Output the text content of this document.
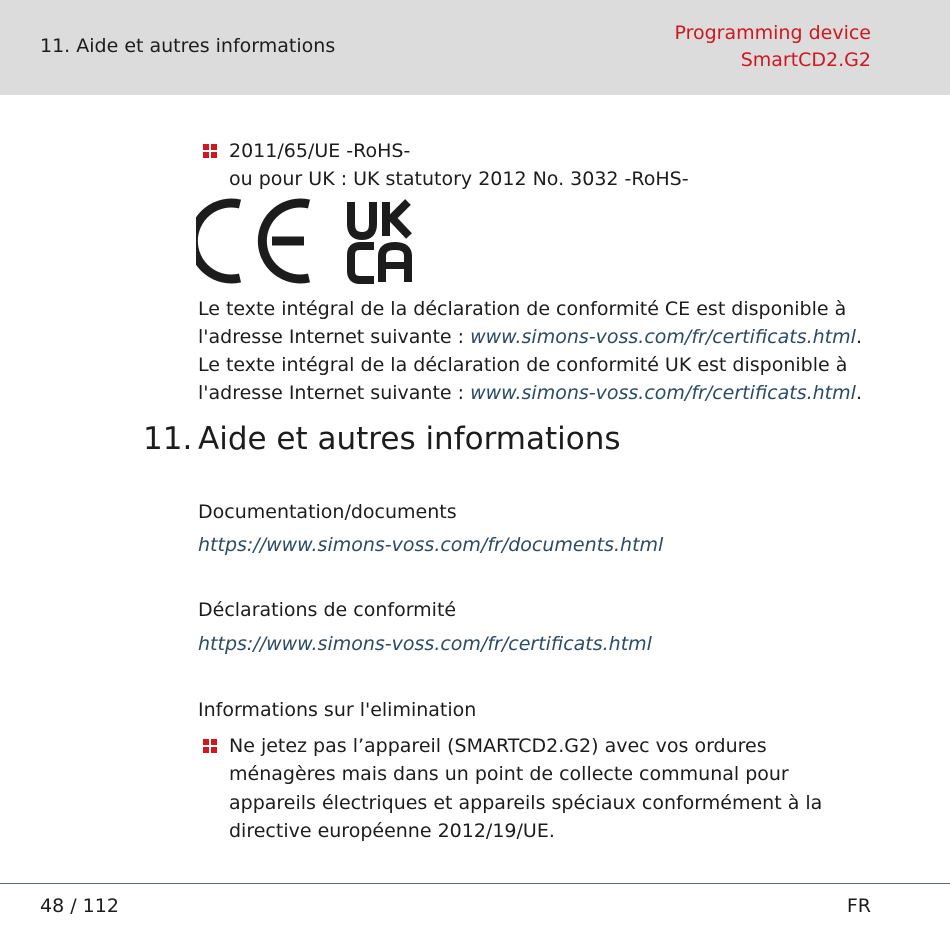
11. Aide et autres informations
Programming device
SmartCD2.G2
2011/65/UE -RoHS-
ou pour UK : UK statutory 2012 No. 3032 -RoHS-
Le texte intégral de la déclaration de conformité CE est disponible à
l'adresse Internet suivante : www.simons-voss.com/fr/certificats.html.
Le texte intégral de la déclaration de conformité UK est disponible à
l'adresse Internet suivante : www.simons-voss.com/fr/certificats.html.
11. Aide et autres informations
Documentation/documents
https://www.simons-voss.com/fr/documents.html
Déclarations de conformité
https://www.simons-voss.com/fr/certificats.html
Informations sur l'elimination
Ne jetez pas l’appareil (SMARTCD2.G2) avec vos ordures
ménagères mais dans un point de collecte communal pour
appareils électriques et appareils spéciaux conformément à la
directive européenne 2012/19/UE.
48 / 112	FR
